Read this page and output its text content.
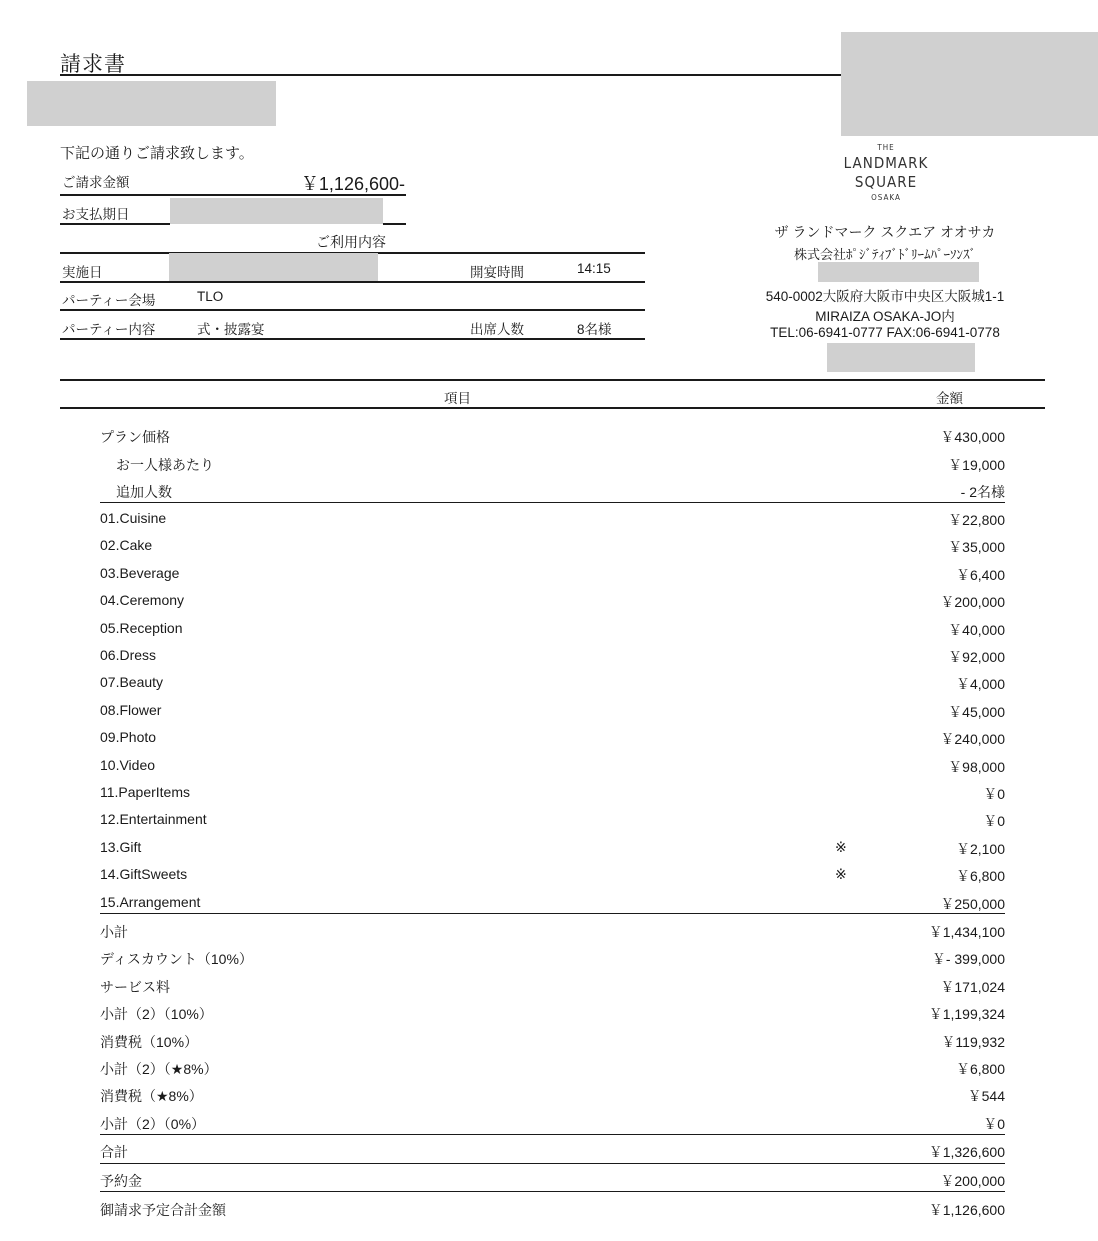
請求書
下記の通りご請求致します。
ご請求金額	￥1,126,600-
お支払期日
ご利用内容
実施日	開宴時間	14:15
パーティー会場	TLO
パーティー内容	式・披露宴	出席人数	8名様
THE
LANDMARK
SQUARE
OSAKA
ザ ランドマーク スクエア オオサカ
株式会社ﾎﾟｼﾞﾃｨﾌﾞﾄﾞﾘｰﾑﾊﾟｰｿﾝｽﾞ
540-0002大阪府大阪市中央区大阪城1-1
MIRAIZA OSAKA-JO内
TEL:06-6941-0777 FAX:06-6941-0778
項目	金額
プラン価格	￥430,000
お一人様あたり	￥19,000
追加人数	- 2名様
01.Cuisine	￥22,800
02.Cake	￥35,000
03.Beverage	￥6,400
04.Ceremony	￥200,000
05.Reception	￥40,000
06.Dress	￥92,000
07.Beauty	￥4,000
08.Flower	￥45,000
09.Photo	￥240,000
10.Video	￥98,000
11.PaperItems	￥0
12.Entertainment	￥0
13.Gift	※	￥2,100
14.GiftSweets	※	￥6,800
15.Arrangement	￥250,000
小計	￥1,434,100
ディスカウント（10%）	￥- 399,000
サービス料	￥171,024
小計（2）（10%）	￥1,199,324
消費税（10%）	￥119,932
小計（2）（★8%）	￥6,800
消費税（★8%）	￥544
小計（2）（0%）	￥0
合計	￥1,326,600
予約金	￥200,000
御請求予定合計金額	￥1,126,600
